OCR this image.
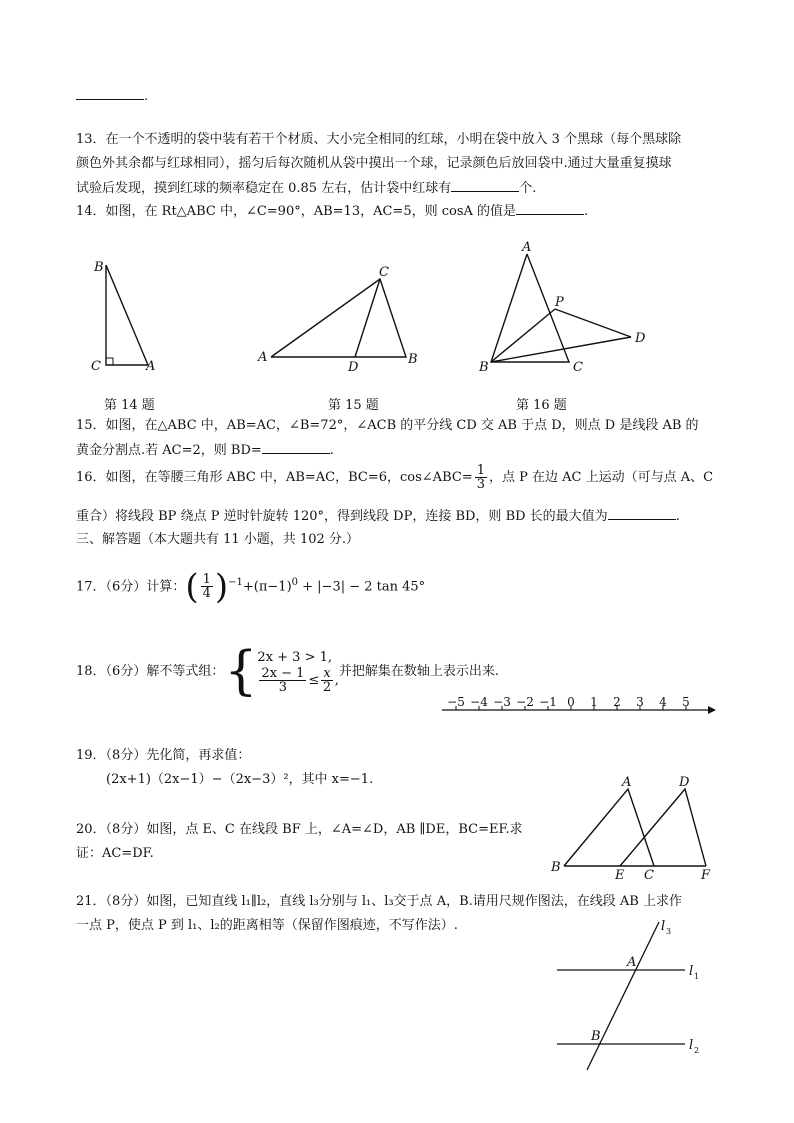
.
13．在一个不透明的袋中装有若干个材质、大小完全相同的红球，小明在袋中放入 3 个黑球（每个黑球除
颜色外其余都与红球相同），摇匀后每次随机从袋中摸出一个球，记录颜色后放回袋中.通过大量重复摸球
试验后发现，摸到红球的频率稳定在 0.85 左右，估计袋中红球有	个.
14．如图，在 Rt△ABC 中，∠C=90°，AB=13，AC=5，则 cosA 的值是	.
B
C	A
第 14 题
C
A
D
B
第 15 题
A
P
D
B	C
第 16 题
15．如图，在△ABC 中，AB=AC，∠B=72°，∠ACB 的平分线 CD 交 AB 于点 D，则点 D 是线段 AB 的
黄金分割点.若 AC=2，则 BD=	.
16．如图，在等腰三角形 ABC 中，AB=AC，BC=6，cos∠ABC= $\frac{1}{3}$ ，点 P 在边 AC 上运动（可与点 A、C
重合）将线段 BP 绕点 P 逆时针旋转 120°，得到线段 DP，连接 BD，则 BD 长的最大值为	.
三、解答题（本大题共有 11 小题，共 102 分.）
17．（6分）计算：( $\frac{1}{4} )^{-1}+(\pi-1)^0 + |-3| - 2$ tan 45°
18．（6分）解不等式组：{ 2x + 3 > 1,
$\frac{2x - 1}{3} \le \frac{x}{2}$ ,
并把解集在数轴上表示出来.
−5 −4 −3 −2 −1 0 1 2 3 4 5
19．（8分）先化简，再求值：
(2x+1)（2x−1）−（2x−3）²，其中 x=−1.	A	D
B
E C	F
20．（8分）如图，点 E、C 在线段 BF 上，∠A=∠D，AB ∥DE，BC=EF.求
证：AC=DF.
21．（8分）如图，已知直线 l₁∥l₂，直线 l₃分别与 l₁、l₃交于点 A，B.请用尺规作图法，在线段 AB 上求作
一点 P，使点 P 到 l₁、l₂的距离相等（保留作图痕迹，不写作法）.	l 3
A
l 1
B
l 2
